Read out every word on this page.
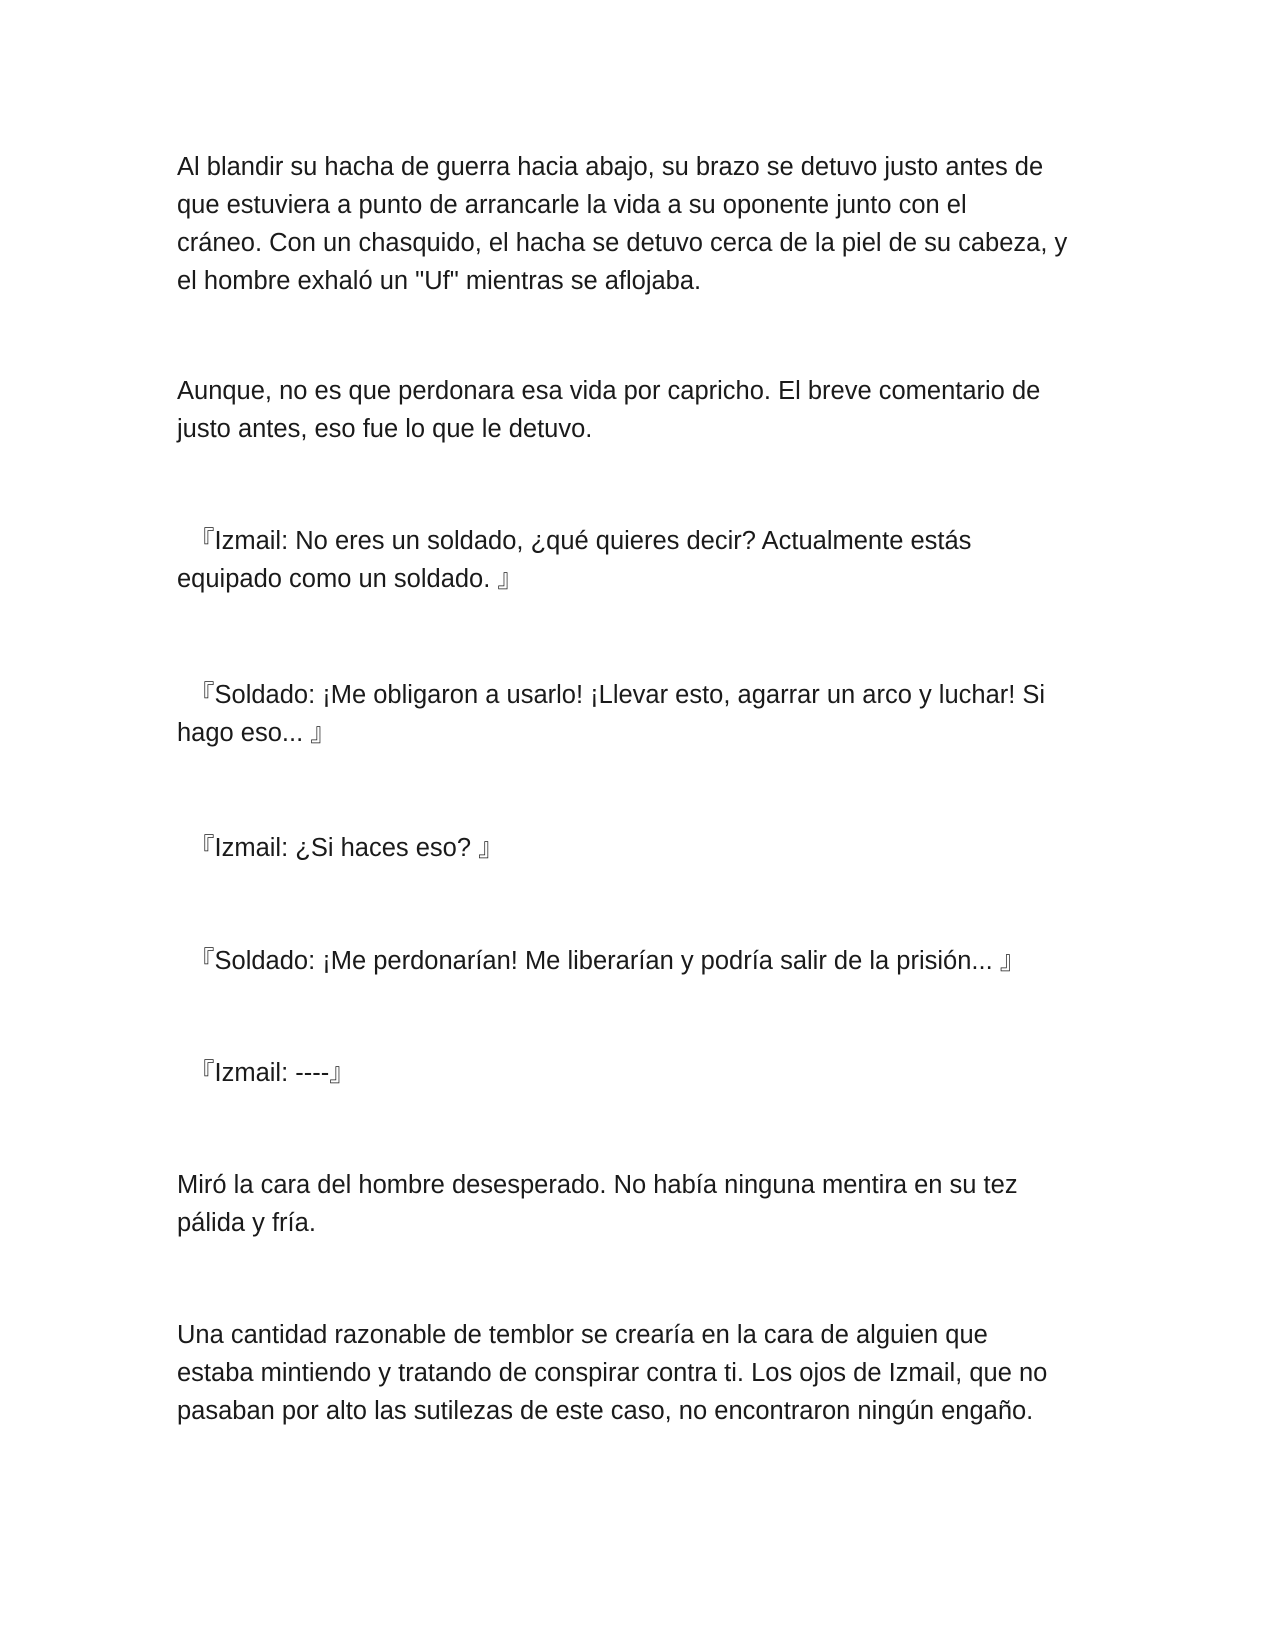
Al blandir su hacha de guerra hacia abajo, su brazo se detuvo justo antes de
que estuviera a punto de arrancarle la vida a su oponente junto con el
cráneo. Con un chasquido, el hacha se detuvo cerca de la piel de su cabeza, y
el hombre exhaló un "Uf" mientras se aflojaba.

Aunque, no es que perdonara esa vida por capricho. El breve comentario de
justo antes, eso fue lo que le detuvo.

『Izmail: No eres un soldado, ¿qué quieres decir? Actualmente estás
equipado como un soldado. 』

『Soldado: ¡Me obligaron a usarlo! ¡Llevar esto, agarrar un arco y luchar! Si
hago eso... 』

『Izmail: ¿Si haces eso? 』

『Soldado: ¡Me perdonarían! Me liberarían y podría salir de la prisión... 』

『Izmail: ----』

Miró la cara del hombre desesperado. No había ninguna mentira en su tez
pálida y fría.

Una cantidad razonable de temblor se crearía en la cara de alguien que
estaba mintiendo y tratando de conspirar contra ti. Los ojos de Izmail, que no
pasaban por alto las sutilezas de este caso, no encontraron ningún engaño.
